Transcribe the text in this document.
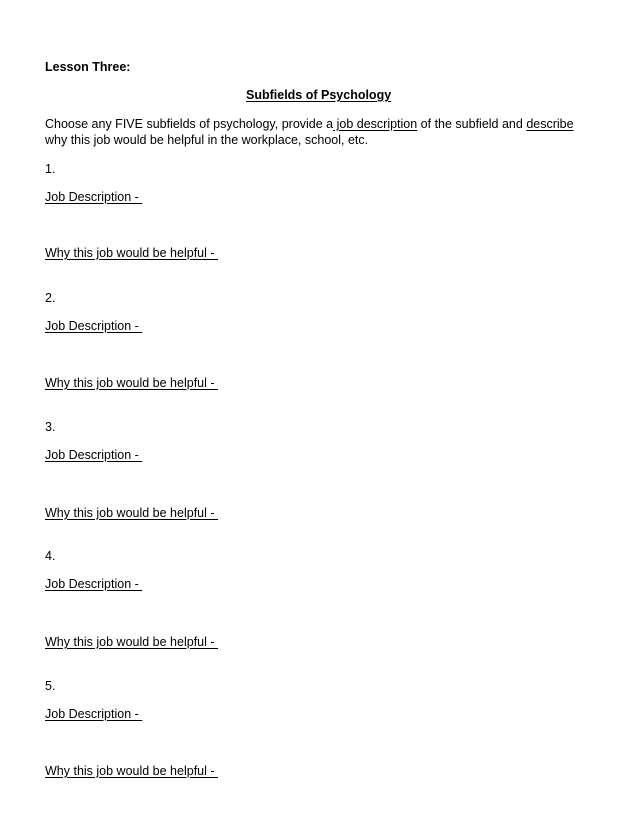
Lesson Three:
Subfields of Psychology
Choose any FIVE subfields of psychology, provide a job description of the subfield and describe why this job would be helpful in the workplace, school, etc.
1.
Job Description -
Why this job would be helpful -
2.
Job Description -
Why this job would be helpful -
3.
Job Description -
Why this job would be helpful -
4.
Job Description -
Why this job would be helpful -
5.
Job Description -
Why this job would be helpful -
